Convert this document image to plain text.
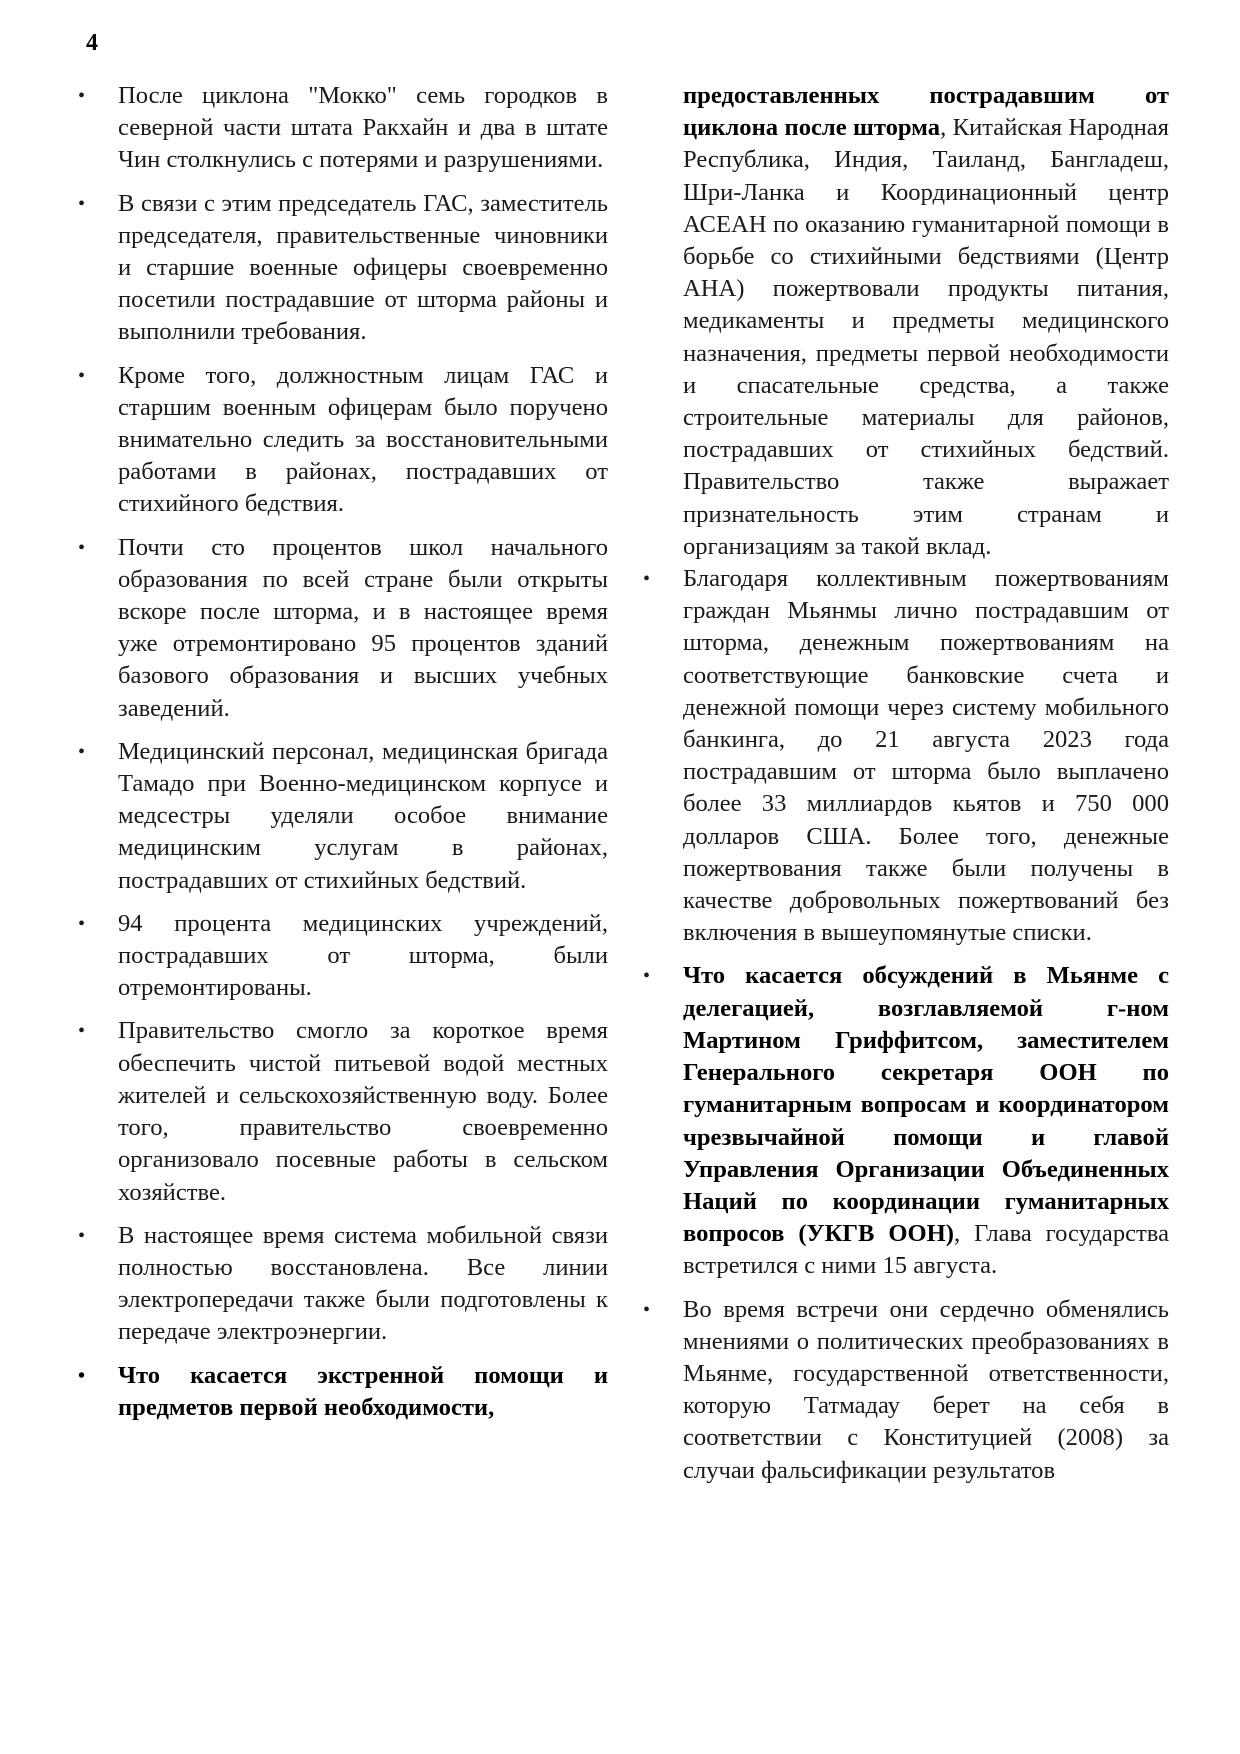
4
• После циклона "Мокко" семь городков в северной части штата Ракхайн и два в штате Чин столкнулись с потерями и разрушениями.
• В связи с этим председатель ГАС, заместитель председателя, правительственные чиновники и старшие военные офицеры своевременно посетили пострадавшие от шторма районы и выполнили требования.
• Кроме того, должностным лицам ГАС и старшим военным офицерам было поручено внимательно следить за восстановительными работами в районах, пострадавших от стихийного бедствия.
• Почти сто процентов школ начального образования по всей стране были открыты вскоре после шторма, и в настоящее время уже отремонтировано 95 процентов зданий базового образования и высших учебных заведений.
• Медицинский персонал, медицинская бригада Тамадо при Военно-медицинском корпусе и медсестры уделяли особое внимание медицинским услугам в районах, пострадавших от стихийных бедствий.
• 94 процента медицинских учреждений, пострадавших от шторма, были отремонтированы.
• Правительство смогло за короткое время обеспечить чистой питьевой водой местных жителей и сельскохозяйственную воду. Более того, правительство своевременно организовало посевные работы в сельском хозяйстве.
• В настоящее время система мобильной связи полностью восстановлена. Все линии электропередачи также были подготовлены к передаче электроэнергии.
• Что касается экстренной помощи и предметов первой необходимости,

предоставленных пострадавшим от циклона после шторма, Китайская Народная Республика, Индия, Таиланд, Бангладеш, Шри-Ланка и Координационный центр АСЕАН по оказанию гуманитарной помощи в борьбе со стихийными бедствиями (Центр АНА) пожертвовали продукты питания, медикаменты и предметы медицинского назначения, предметы первой необходимости и спасательные средства, а также строительные материалы для районов, пострадавших от стихийных бедствий. Правительство также выражает признательность этим странам и организациям за такой вклад.

• Благодаря коллективным пожертвованиям граждан Мьянмы лично пострадавшим от шторма, денежным пожертвованиям на соответствующие банковские счета и денежной помощи через систему мобильного банкинга, до 21 августа 2023 года пострадавшим от шторма было выплачено более 33 миллиардов кьятов и 750 000 долларов США. Более того, денежные пожертвования также были получены в качестве добровольных пожертвований без включения в вышеупомянутые списки.
• Что касается обсуждений в Мьянме с делегацией, возглавляемой г-ном Мартином Гриффитсом, заместителем Генерального секретаря ООН по гуманитарным вопросам и координатором чрезвычайной помощи и главой Управления Организации Объединенных Наций по координации гуманитарных вопросов (УКГВ ООН), Глава государства встретился с ними 15 августа.
• Во время встречи они сердечно обменялись мнениями о политических преобразованиях в Мьянме, государственной ответственности, которую Татмадау берет на себя в соответствии с Конституцией (2008) за случаи фальсификации результатов
